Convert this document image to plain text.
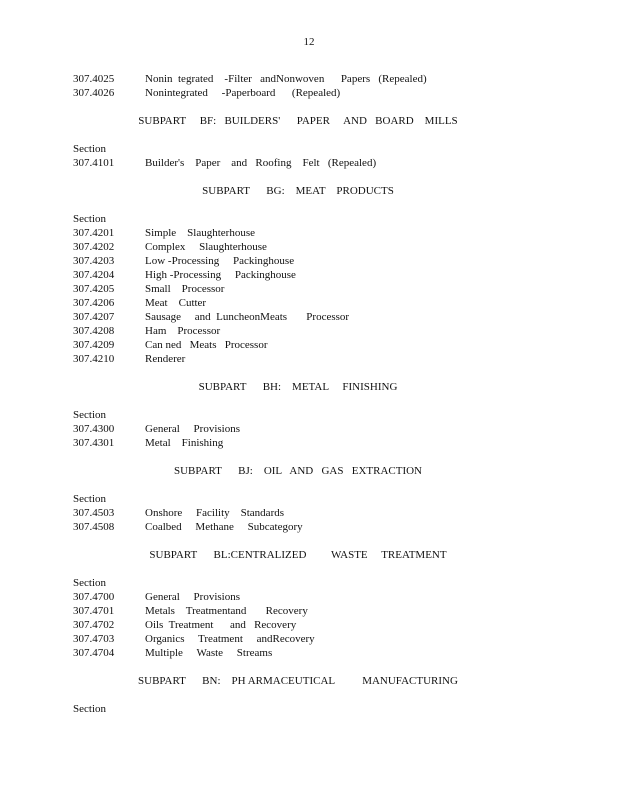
12
307.4025	Nonin  tegrated    -Filter   andNonwoven      Papers   (Repealed)
307.4026	Nonintegrated     -Paperboard      (Repealed)
SUBPART     BF:   BUILDERS'      PAPER     AND   BOARD    MILLS
Section
307.4101	Builder's    Paper    and   Roofing    Felt   (Repealed)
SUBPART      BG:    MEAT    PRODUCTS
Section
307.4201	Simple    Slaughterhouse
307.4202	Complex     Slaughterhouse
307.4203	Low -Processing     Packinghouse
307.4204	High -Processing     Packinghouse
307.4205	Small    Processor
307.4206	Meat    Cutter
307.4207	Sausage     and  LuncheonMeats       Processor
307.4208	Ham    Processor
307.4209	Can ned   Meats   Processor
307.4210	Renderer
SUBPART      BH:    METAL     FINISHING
Section
307.4300	General     Provisions
307.4301	Metal    Finishing
SUBPART      BJ:    OIL   AND   GAS   EXTRACTION
Section
307.4503	Onshore     Facility    Standards
307.4508	Coalbed     Methane     Subcategory
SUBPART      BL:CENTRALIZED         WASTE     TREATMENT
Section
307.4700	General     Provisions
307.4701	Metals    Treatmentand       Recovery
307.4702	Oils  Treatment      and   Recovery
307.4703	Organics     Treatment     andRecovery
307.4704	Multiple     Waste     Streams
SUBPART      BN:    PH ARMACEUTICAL          MANUFACTURING
Section
